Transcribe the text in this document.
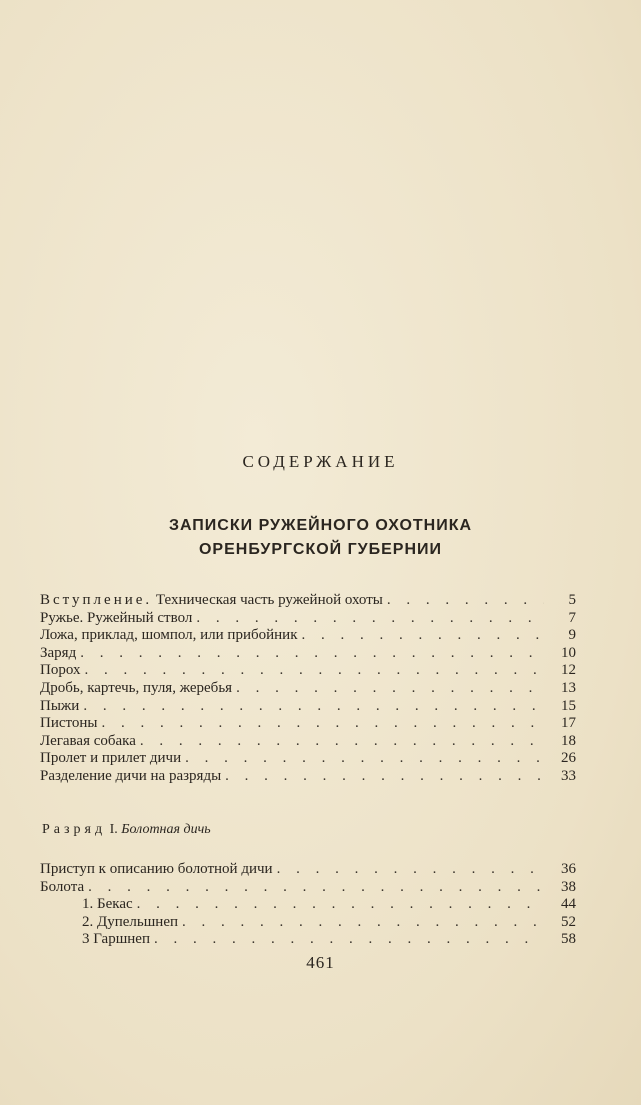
СОДЕРЖАНИЕ
ЗАПИСКИ РУЖЕЙНОГО ОХОТНИКА
ОРЕНБУРГСКОЙ ГУБЕРНИИ
Вступление. Техническая часть ружейной охоты . . .	5
Ружье. Ружейный ствол . . .	7
Ложа, приклад, шомпол, или прибойник . . .	9
Заряд . . .	10
Порох . . .	12
Дробь, картечь, пуля, жеребья . . .	13
Пыжи . . .	15
Пистоны . . .	17
Легавая собака . . .	18
Пролет и прилет дичи . . .	26
Разделение дичи на разряды . . .	33
Разряд I. Болотная дичь
Приступ к описанию болотной дичи . . .	36
Болота . . .	38
1. Бекас . . .	44
2. Дупельшнеп . . .	52
3 Гаршнеп . . .	58
461
